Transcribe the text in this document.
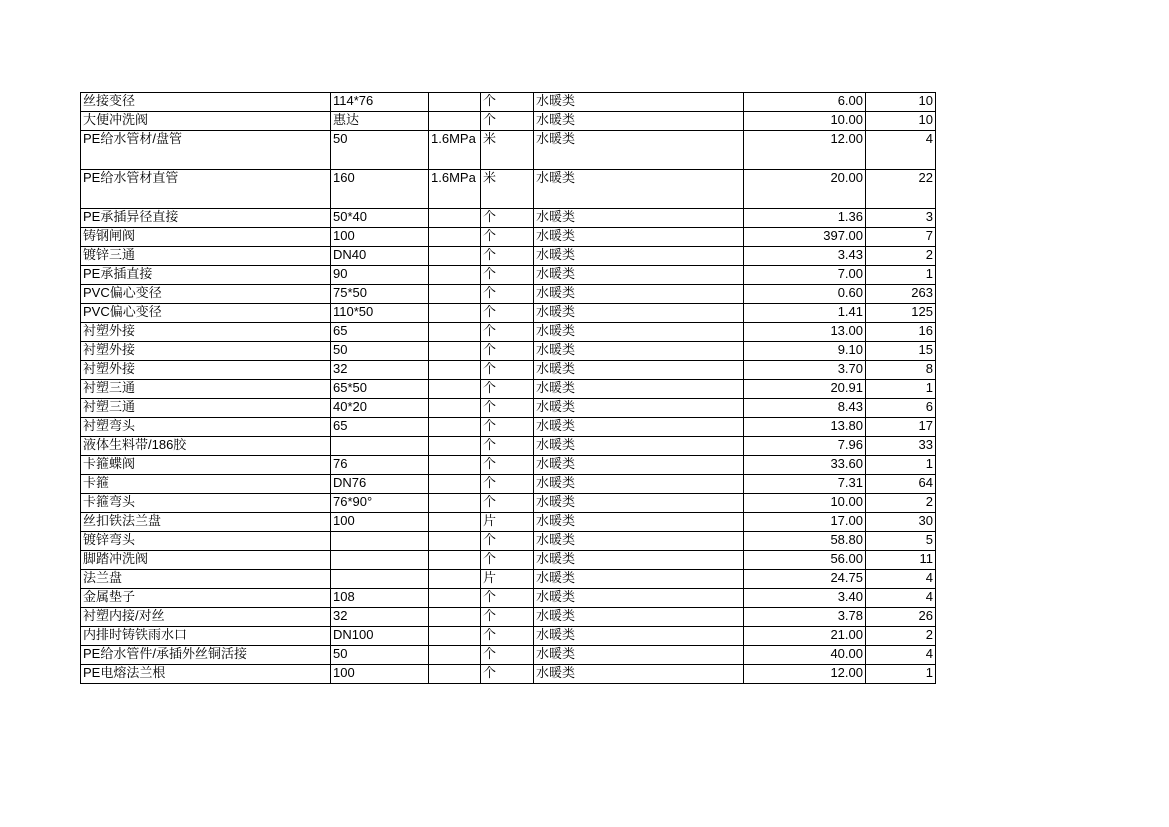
丝接变径	114*76		个	水暖类	6.00	10
大便冲洗阀	惠达		个	水暖类	10.00	10
PE给水管材/盘管	50	1.6MPa	米	水暖类	12.00	4
PE给水管材直管	160	1.6MPa	米	水暖类	20.00	22
PE承插异径直接	50*40		个	水暖类	1.36	3
铸钢闸阀	100		个	水暖类	397.00	7
镀锌三通	DN40		个	水暖类	3.43	2
PE承插直接	90		个	水暖类	7.00	1
PVC偏心变径	75*50		个	水暖类	0.60	263
PVC偏心变径	110*50		个	水暖类	1.41	125
衬塑外接	65		个	水暖类	13.00	16
衬塑外接	50		个	水暖类	9.10	15
衬塑外接	32		个	水暖类	3.70	8
衬塑三通	65*50		个	水暖类	20.91	1
衬塑三通	40*20		个	水暖类	8.43	6
衬塑弯头	65		个	水暖类	13.80	17
液体生料带/186胶			个	水暖类	7.96	33
卡箍蝶阀	76		个	水暖类	33.60	1
卡箍	DN76		个	水暖类	7.31	64
卡箍弯头	76*90°		个	水暖类	10.00	2
丝扣铁法兰盘	100		片	水暖类	17.00	30
镀锌弯头			个	水暖类	58.80	5
脚踏冲洗阀			个	水暖类	56.00	11
法兰盘			片	水暖类	24.75	4
金属垫子	108		个	水暖类	3.40	4
衬塑内接/对丝	32		个	水暖类	3.78	26
内排时铸铁雨水口	DN100		个	水暖类	21.00	2
PE给水管件/承插外丝铜活接	50		个	水暖类	40.00	4
PE电熔法兰根	100		个	水暖类	12.00	1
